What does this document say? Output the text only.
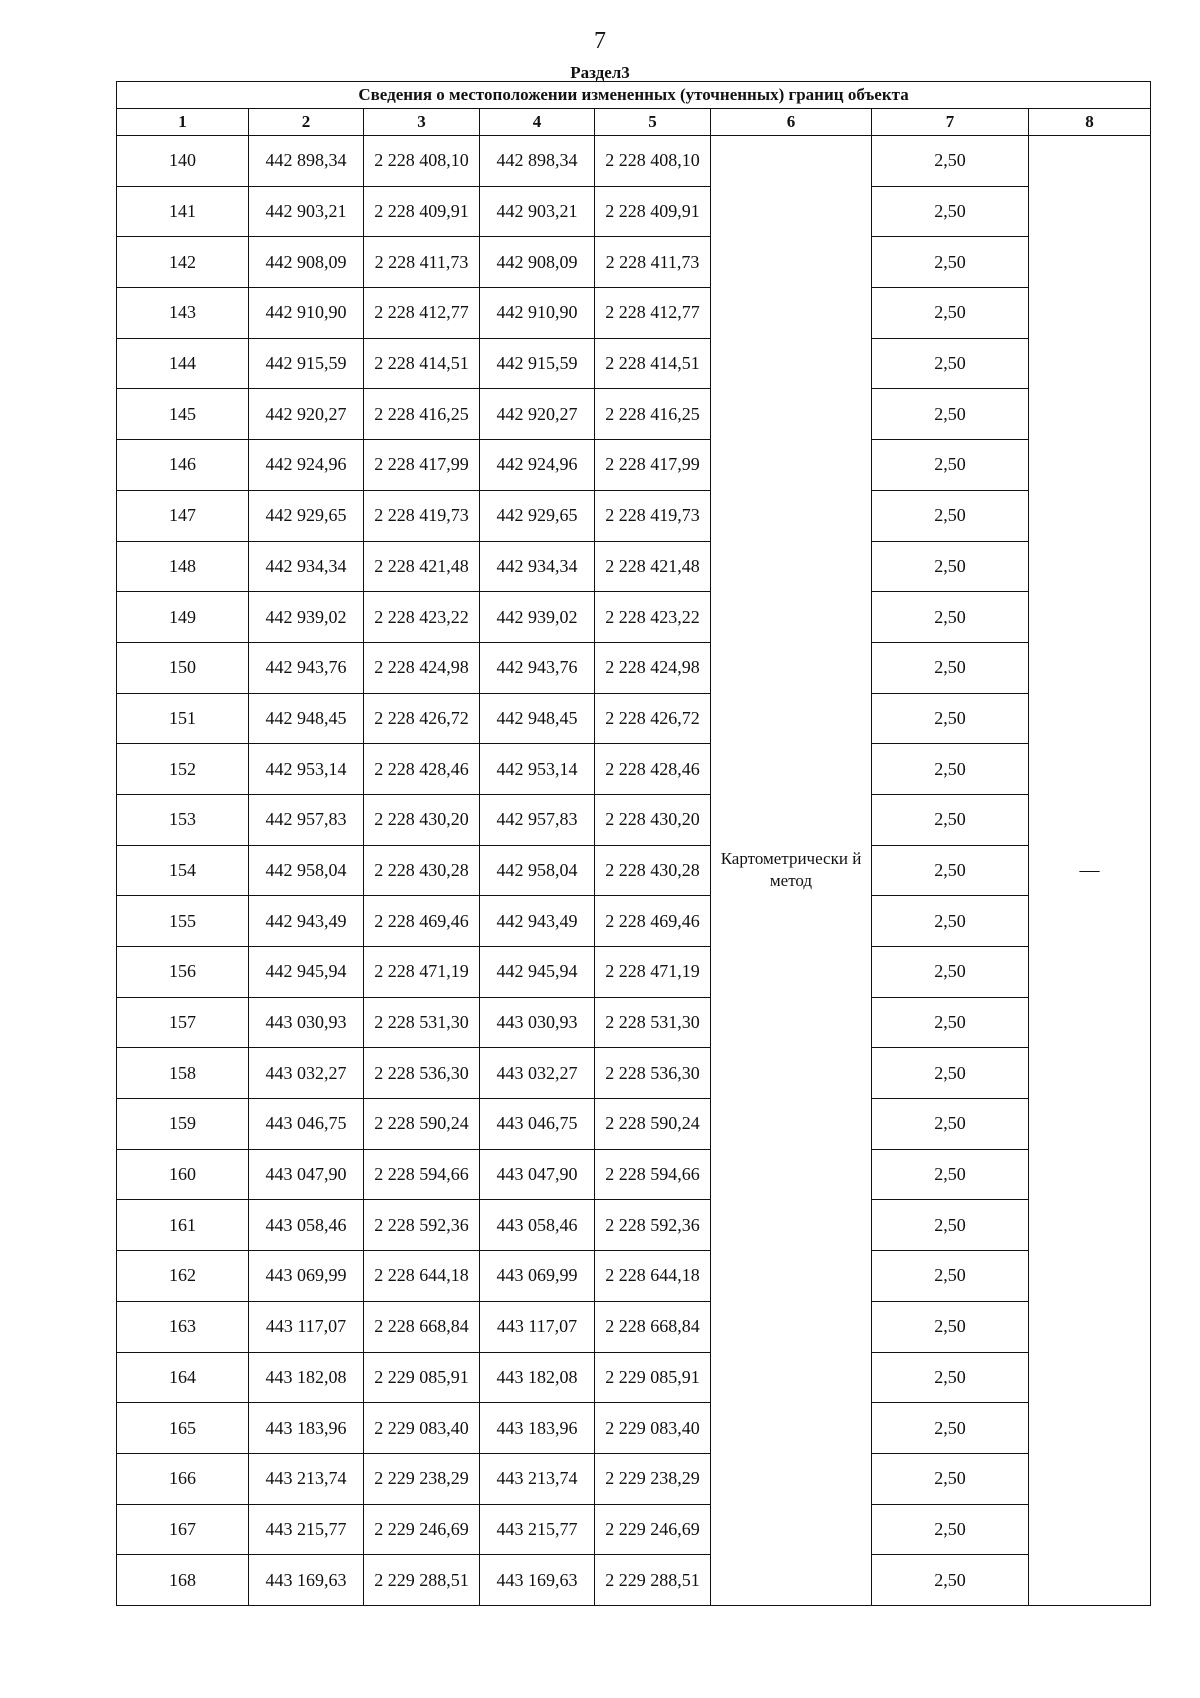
7
Раздел3
Сведения о местоположении измененных (уточненных) границ объекта							
1	2	3	4	5	6	7	8
140	442 898,34	2 228 408,10	442 898,34	2 228 408,10	Картометрически й метод	2,50	—
141	442 903,21	2 228 409,91	442 903,21	2 228 409,91		2,50	
142	442 908,09	2 228 411,73	442 908,09	2 228 411,73		2,50	
143	442 910,90	2 228 412,77	442 910,90	2 228 412,77		2,50	
144	442 915,59	2 228 414,51	442 915,59	2 228 414,51		2,50	
145	442 920,27	2 228 416,25	442 920,27	2 228 416,25		2,50	
146	442 924,96	2 228 417,99	442 924,96	2 228 417,99		2,50	
147	442 929,65	2 228 419,73	442 929,65	2 228 419,73		2,50	
148	442 934,34	2 228 421,48	442 934,34	2 228 421,48		2,50	
149	442 939,02	2 228 423,22	442 939,02	2 228 423,22		2,50	
150	442 943,76	2 228 424,98	442 943,76	2 228 424,98		2,50	
151	442 948,45	2 228 426,72	442 948,45	2 228 426,72		2,50	
152	442 953,14	2 228 428,46	442 953,14	2 228 428,46		2,50	
153	442 957,83	2 228 430,20	442 957,83	2 228 430,20		2,50	
154	442 958,04	2 228 430,28	442 958,04	2 228 430,28		2,50	
155	442 943,49	2 228 469,46	442 943,49	2 228 469,46		2,50	
156	442 945,94	2 228 471,19	442 945,94	2 228 471,19		2,50	
157	443 030,93	2 228 531,30	443 030,93	2 228 531,30		2,50	
158	443 032,27	2 228 536,30	443 032,27	2 228 536,30		2,50	
159	443 046,75	2 228 590,24	443 046,75	2 228 590,24		2,50	
160	443 047,90	2 228 594,66	443 047,90	2 228 594,66		2,50	
161	443 058,46	2 228 592,36	443 058,46	2 228 592,36		2,50	
162	443 069,99	2 228 644,18	443 069,99	2 228 644,18		2,50	
163	443 117,07	2 228 668,84	443 117,07	2 228 668,84		2,50	
164	443 182,08	2 229 085,91	443 182,08	2 229 085,91		2,50	
165	443 183,96	2 229 083,40	443 183,96	2 229 083,40		2,50	
166	443 213,74	2 229 238,29	443 213,74	2 229 238,29		2,50	
167	443 215,77	2 229 246,69	443 215,77	2 229 246,69		2,50	
168	443 169,63	2 229 288,51	443 169,63	2 229 288,51		2,50	
